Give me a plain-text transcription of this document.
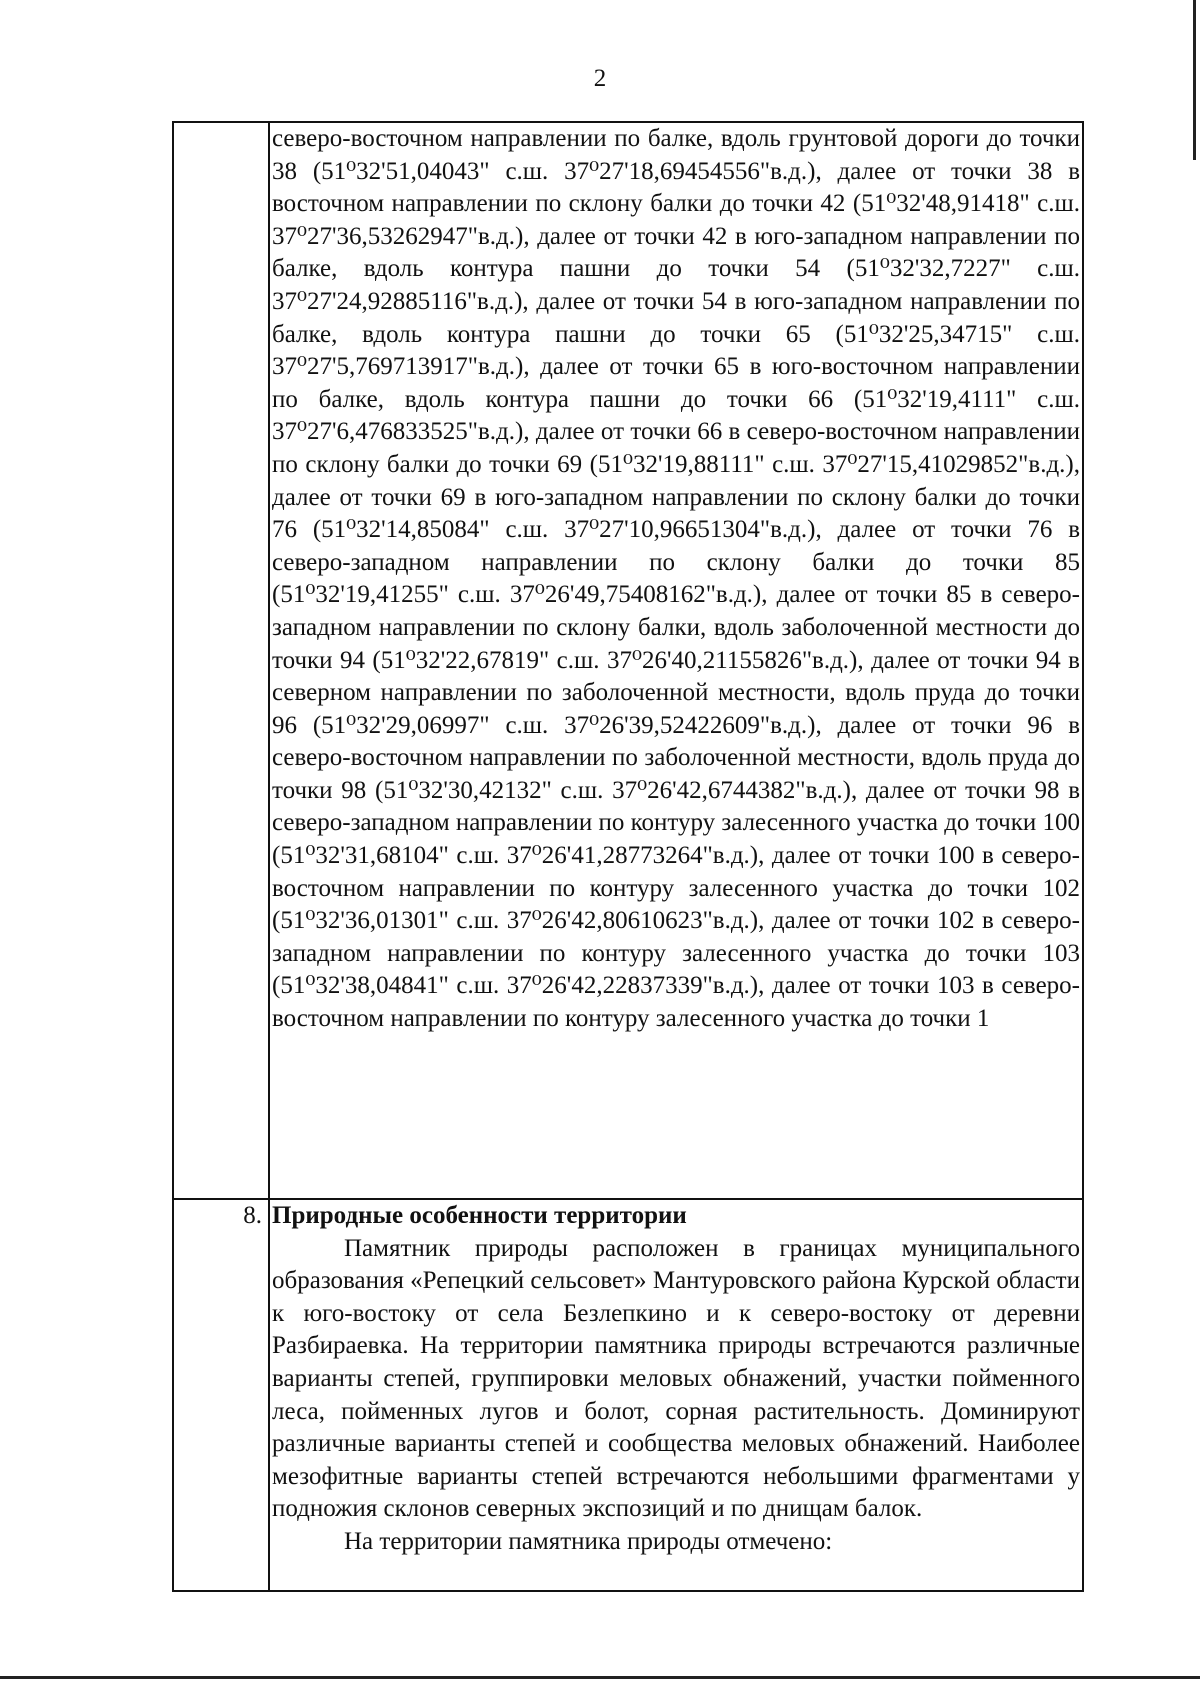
2

	северо-восточном направлении по балке, вдоль грунтовой дороги до точки 38 (51⁰32'51,04043" с.ш. 37⁰27'18,69454556"в.д.), далее от точки 38 в восточном направлении по склону балки до точки 42 (51⁰32'48,91418" с.ш. 37⁰27'36,53262947"в.д.), далее от точки 42 в юго-западном направлении по балке, вдоль контура пашни до точки 54 (51⁰32'32,7227" с.ш. 37⁰27'24,92885116"в.д.), далее от точки 54 в юго-западном направлении по балке, вдоль контура пашни до точки 65 (51⁰32'25,34715" с.ш. 37⁰27'5,769713917"в.д.), далее от точки 65 в юго-восточном направлении по балке, вдоль контура пашни до точки 66 (51⁰32'19,4111" с.ш. 37⁰27'6,476833525"в.д.), далее от точки 66 в северо-восточном направлении по склону балки до точки 69 (51⁰32'19,88111" с.ш. 37⁰27'15,41029852"в.д.), далее от точки 69 в юго-западном направлении по склону балки до точки 76 (51⁰32'14,85084" с.ш. 37⁰27'10,96651304"в.д.), далее от точки 76 в северо-западном направлении по склону балки до точки 85 (51⁰32'19,41255" с.ш. 37⁰26'49,75408162"в.д.), далее от точки 85 в северо-западном направлении по склону балки, вдоль заболоченной местности до точки 94 (51⁰32'22,67819" с.ш. 37⁰26'40,21155826"в.д.), далее от точки 94 в северном направлении по заболоченной местности, вдоль пруда до точки 96 (51⁰32'29,06997" с.ш. 37⁰26'39,52422609"в.д.), далее от точки 96 в северо-восточном направлении по заболоченной местности, вдоль пруда до точки 98 (51⁰32'30,42132" с.ш. 37⁰26'42,6744382"в.д.), далее от точки 98 в северо-западном направлении по контуру залесенного участка до точки 100 (51⁰32'31,68104" с.ш. 37⁰26'41,28773264"в.д.), далее от точки 100 в северо-восточном направлении по контуру залесенного участка до точки 102 (51⁰32'36,01301" с.ш. 37⁰26'42,80610623"в.д.), далее от точки 102 в северо-западном направлении по контуру залесенного участка до точки 103 (51⁰32'38,04841" с.ш. 37⁰26'42,22837339"в.д.), далее от точки 103 в северо-восточном направлении по контуру залесенного участка до точки 1

8.	Природные особенности территории

Памятник природы расположен в границах муниципального образования «Репецкий сельсовет» Мантуровского района Курской области к юго-востоку от села Безлепкино и к северо-востоку от деревни Разбираевка. На территории памятника природы встречаются различные варианты степей, группировки меловых обнажений, участки пойменного леса, пойменных лугов и болот, сорная растительность. Доминируют различные варианты степей и сообщества меловых обнажений. Наиболее мезофитные варианты степей встречаются небольшими фрагментами у подножия склонов северных экспозиций и по днищам балок.

На территории памятника природы отмечено:
